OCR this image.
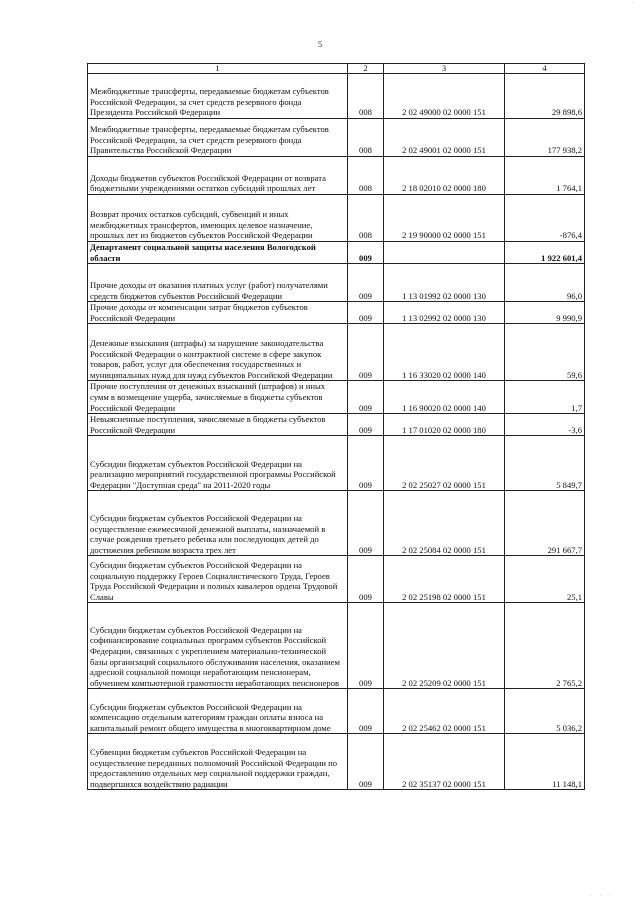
·
5
1	2	3	4
Межбюджетные трансферты, передаваемые бюджетам субъектов Российской Федерации, за счет средств резервного фонда Президента Российской Федерации	008	2 02 49000 02 0000 151	29 898,6
Межбюджетные трансферты, передаваемые бюджетам субъектов Российской Федерации, за счет средств резервного фонда Правительства Российской Федерации	008	2 02 49001 02 0000 151	177 938,2
Доходы бюджетов субъектов Российской Федерации от возврата бюджетными учреждениями остатков субсидий прошлых лет	008	2 18 02010 02 0000 180	1 764,1
Возврат прочих остатков субсидий, субвенций и иных межбюджетных трансфертов, имеющих целевое назначение, прошлых лет из бюджетов субъектов Российской Федерации	008	2 19 90000 02 0000 151	-876,4
Департамент социальной защиты населения Вологодской области	009		1 922 601,4
Прочие доходы от оказания платных услуг (работ) получателями средств бюджетов субъектов Российской Федерации	009	1 13 01992 02 0000 130	96,0
Прочие доходы от компенсации затрат бюджетов субъектов Российской Федерации	009	1 13 02992 02 0000 130	9 990,9
Денежные взыскания (штрафы) за нарушение законодательства Российской Федерации о контрактной системе в сфере закупок товаров, работ, услуг для обеспечения государственных и муниципальных нужд для нужд субъектов Российской Федерации	009	1 16 33020 02 0000 140	59,6
Прочие поступления от денежных взысканий (штрафов) и иных сумм в возмещение ущерба, зачисляемые в бюджеты субъектов Российской Федерации	009	1 16 90020 02 0000 140	1,7
Невыясненные поступления, зачисляемые в бюджеты субъектов Российской Федерации	009	1 17 01020 02 0000 180	-3,6
Субсидии бюджетам субъектов Российской Федерации на реализацию мероприятий государственной программы Российской Федерации "Доступная среда" на 2011-2020 годы	009	2 02 25027 02 0000 151	5 849,7
Субсидии бюджетам субъектов Российской Федерации на осуществление ежемесячной денежной выплаты, назначаемой в случае рождения третьего ребенка или последующих детей до достижения ребенком возраста трех лет	009	2 02 25084 02 0000 151	291 667,7
Субсидии бюджетам субъектов Российской Федерации на социальную поддержку Героев Социалистического Труда, Героев Труда Российской Федерации и полных кавалеров ордена Трудовой Славы	009	2 02 25198 02 0000 151	25,1
Субсидии бюджетам субъектов Российской Федерации на софинансирование социальных программ субъектов Российской Федерации, связанных с укреплением материально-технической базы организаций социального обслуживания населения, оказанием адресной социальной помощи неработающим пенсионерам, обучением компьютерной грамотности неработающих пенсионеров	009	2 02 25209 02 0000 151	2 765,2
Субсидии бюджетам субъектов Российской Федерации на компенсацию отдельным категориям граждан оплаты взноса на капитальный ремонт общего имущества в многоквартирном доме	009	2 02 25462 02 0000 151	5 036,2
Субвенции бюджетам субъектов Российской Федерации на осуществление переданных полномочий Российской Федерации по предоставлению отдельных мер социальной поддержки граждан, подвергшихся воздействию радиации	009	2 02 35137 02 0000 151	11 148,1
· · ·
